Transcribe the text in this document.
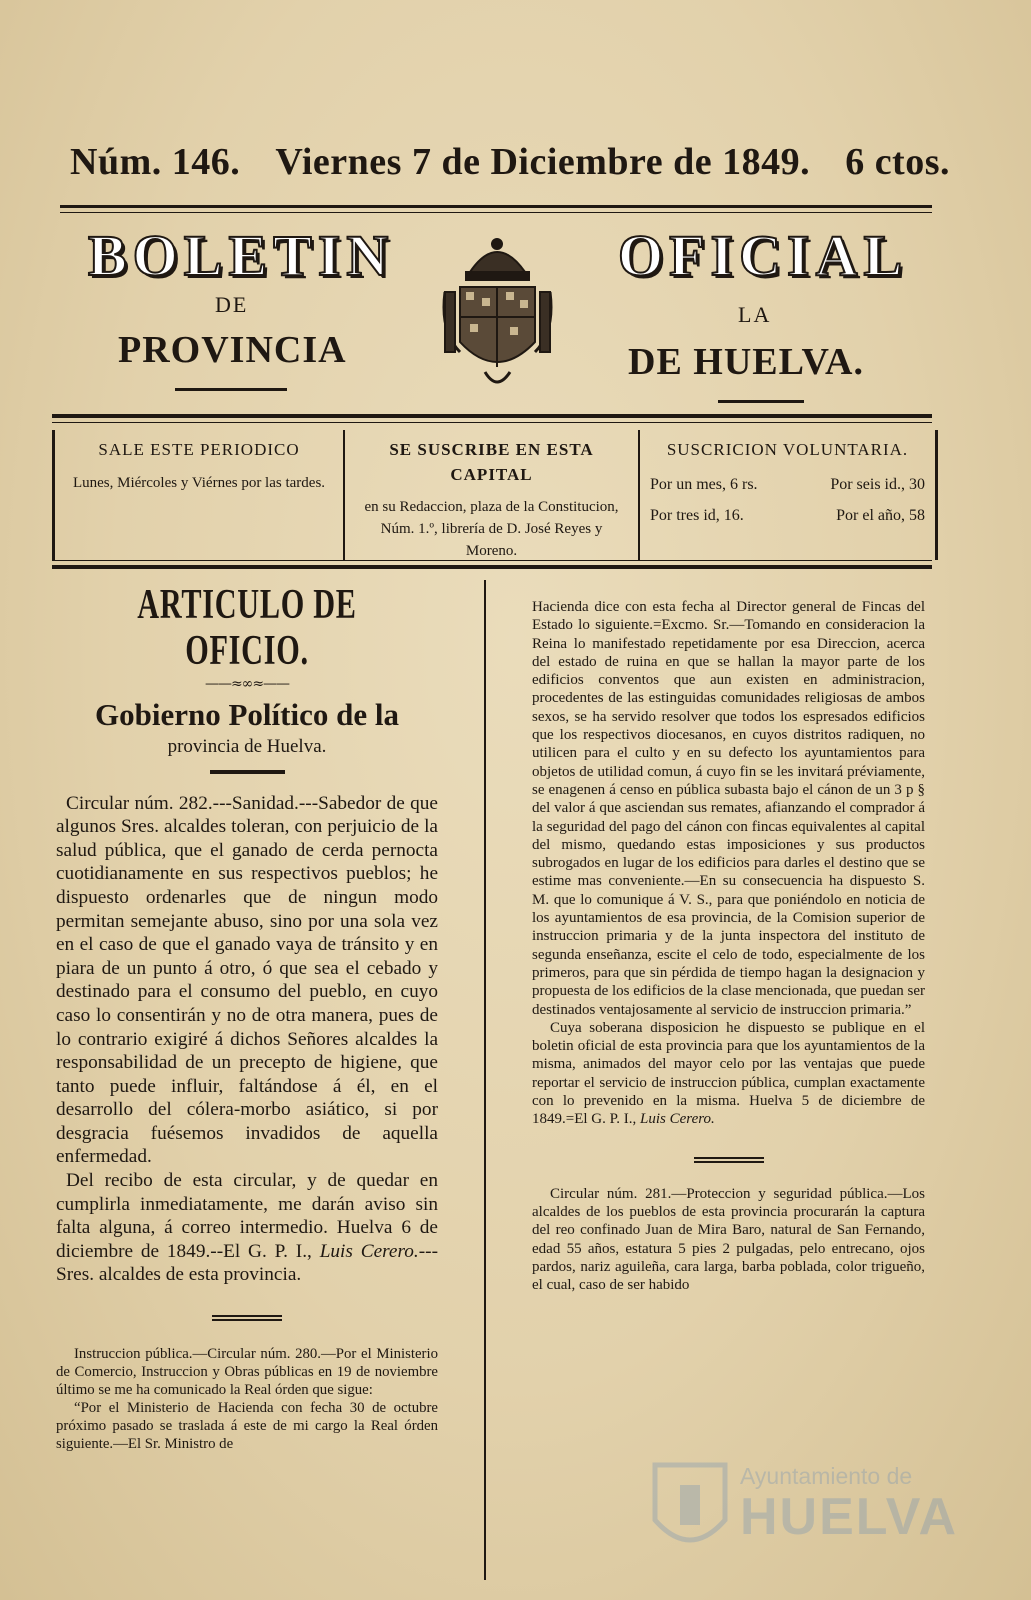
Núm. 146. Viernes 7 de Diciembre de 1849. 6 ctos.
BOLETIN	OFICIAL
DE	LA
PROVINCIA	DE HUELVA.
SALE ESTE PERIODICO
Lunes, Miércoles y Viérnes por las tardes.
SE SUSCRIBE EN ESTA CAPITAL
en su Redaccion, plaza de la Constitucion, Núm. 1.º, librería de D. José Reyes y Moreno.
SUSCRICION VOLUNTARIA.
Por un mes, 6 rs.	Por seis id., 30
Por tres id, 16.	Por el año, 58
ARTICULO DE OFICIO.
——≈∞≈——
Gobierno Político de la
provincia de Huelva.

Circular núm. 282.---Sanidad.---Sabedor de que algunos Sres. alcaldes toleran, con perjuicio de la salud pública, que el ganado de cerda pernocta cuotidianamente en sus respectivos pueblos; he dispuesto ordenarles que de ningun modo permitan semejante abuso, sino por una sola vez en el caso de que el ganado vaya de tránsito y en piara de un punto á otro, ó que sea el cebado y destinado para el consumo del pueblo, en cuyo caso lo consentirán y no de otra manera, pues de lo contrario exigiré á dichos Señores alcaldes la responsabilidad de un precepto de higiene, que tanto puede influir, faltándose á él, en el desarrollo del cólera-morbo asiático, si por desgracia fuésemos invadidos de aquella enfermedad.

Del recibo de esta circular, y de quedar en cumplirla inmediatamente, me darán aviso sin falta alguna, á correo intermedio. Huelva 6 de diciembre de 1849.--El G. P. I., Luis Cerero.---Sres. alcaldes de esta provincia.

Instruccion pública.—Circular núm. 280.—Por el Ministerio de Comercio, Instruccion y Obras públicas en 19 de noviembre último se me ha comunicado la Real órden que sigue:

“Por el Ministerio de Hacienda con fecha 30 de octubre próximo pasado se traslada á este de mi cargo la Real órden siguiente.—El Sr. Ministro de

Hacienda dice con esta fecha al Director general de Fincas del Estado lo siguiente.=Excmo. Sr.—Tomando en consideracion la Reina lo manifestado repetidamente por esa Direccion, acerca del estado de ruina en que se hallan la mayor parte de los edificios conventos que aun existen en administracion, procedentes de las estinguidas comunidades religiosas de ambos sexos, se ha servido resolver que todos los espresados edificios que los respectivos diocesanos, en cuyos distritos radiquen, no utilicen para el culto y en su defecto los ayuntamientos para objetos de utilidad comun, á cuyo fin se les invitará préviamente, se enagenen á censo en pública subasta bajo el cánon de un 3 p § del valor á que asciendan sus remates, afianzando el comprador á la seguridad del pago del cánon con fincas equivalentes al capital del mismo, quedando estas imposiciones y sus productos subrogados en lugar de los edificios para darles el destino que se estime mas conveniente.—En su consecuencia ha dispuesto S. M. que lo comunique á V. S., para que poniéndolo en noticia de los ayuntamientos de esa provincia, de la Comision superior de instruccion primaria y de la junta inspectora del instituto de segunda enseñanza, escite el celo de todo, especialmente de los primeros, para que sin pérdida de tiempo hagan la designacion y propuesta de los edificios de la clase mencionada, que puedan ser destinados ventajosamente al servicio de instruccion primaria.”

Cuya soberana disposicion he dispuesto se publique en el boletin oficial de esta provincia para que los ayuntamientos de la misma, animados del mayor celo por las ventajas que puede reportar el servicio de instruccion pública, cumplan exactamente con lo prevenido en la misma. Huelva 5 de diciembre de 1849.=El G. P. I., Luis Cerero.

Circular núm. 281.—Proteccion y seguridad pública.—Los alcaldes de los pueblos de esta provincia procurarán la captura del reo confinado Juan de Mira Baro, natural de San Fernando, edad 55 años, estatura 5 pies 2 pulgadas, pelo entrecano, ojos pardos, nariz aguileña, cara larga, barba poblada, color trigueño, el cual, caso de ser habido

Ayuntamiento de
HUELVA
